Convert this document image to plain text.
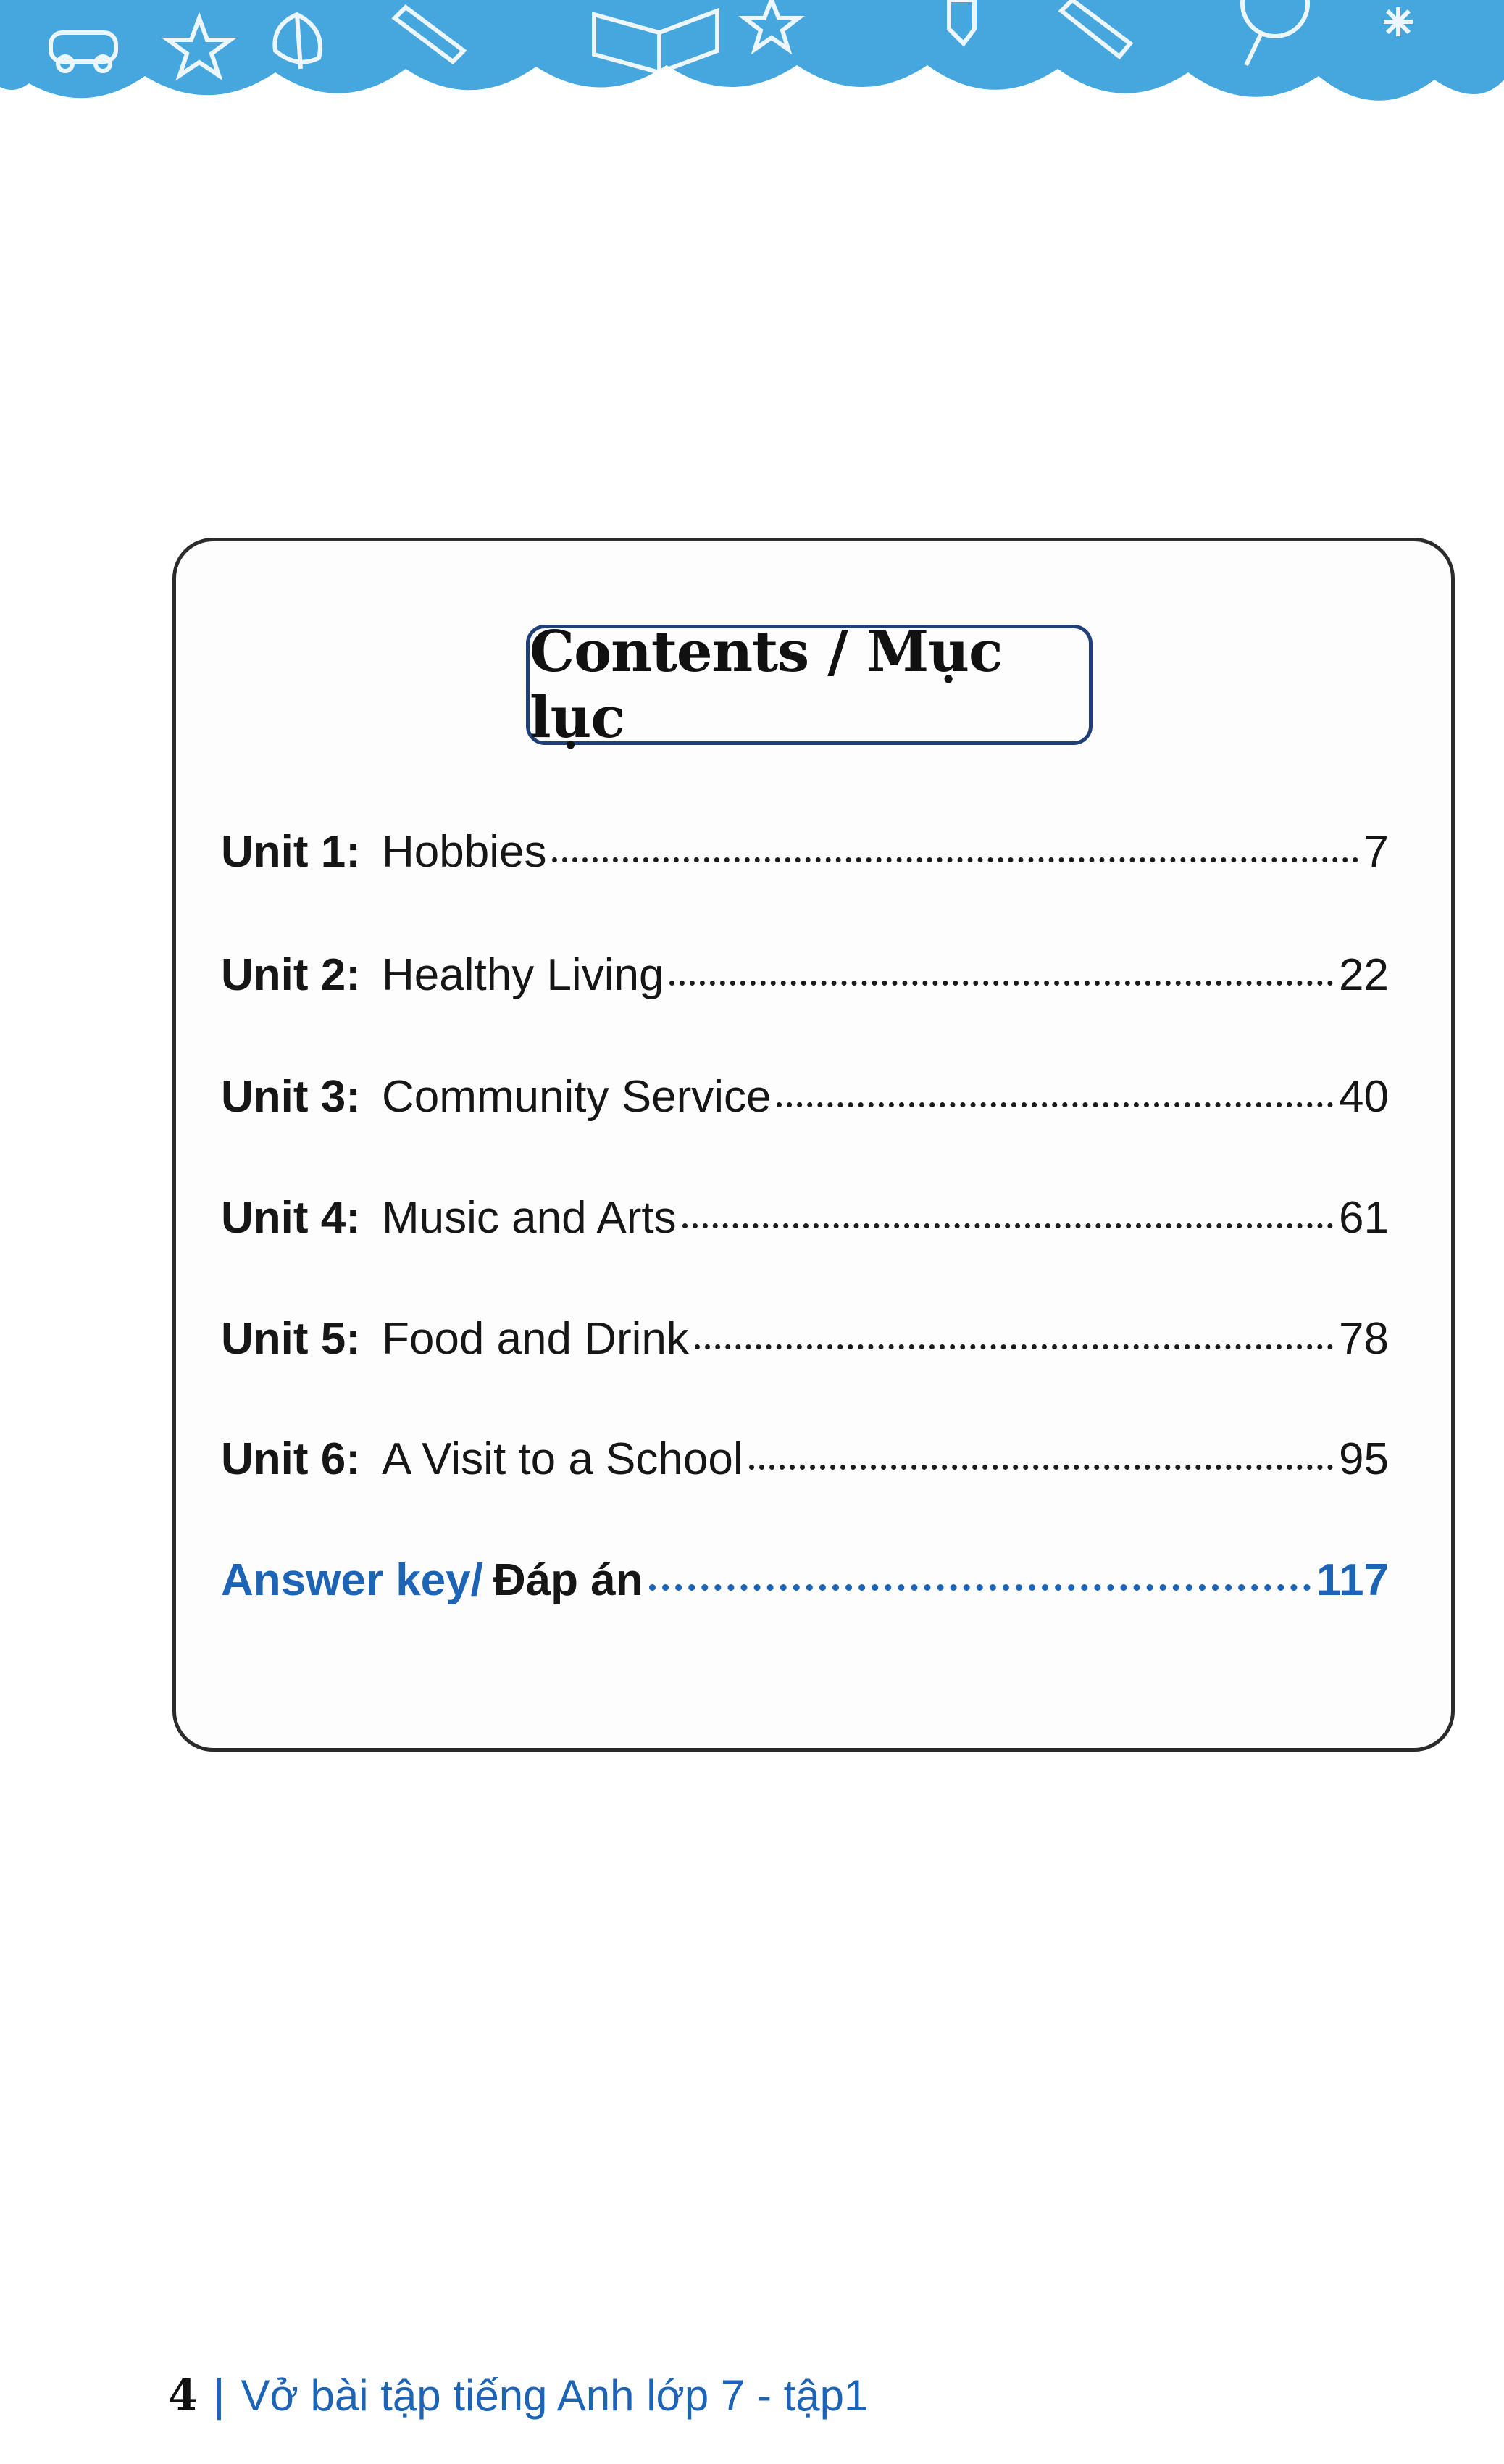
Contents / Mục lục
Unit 1: Hobbies	7
Unit 2: Healthy Living	22
Unit 3: Community Service	40
Unit 4: Music and Arts	61
Unit 5: Food and Drink	78
Unit 6: A Visit to a School	95
Answer key/ Đáp án	117
4 | Vở bài tập tiếng Anh lớp 7 - tập1
